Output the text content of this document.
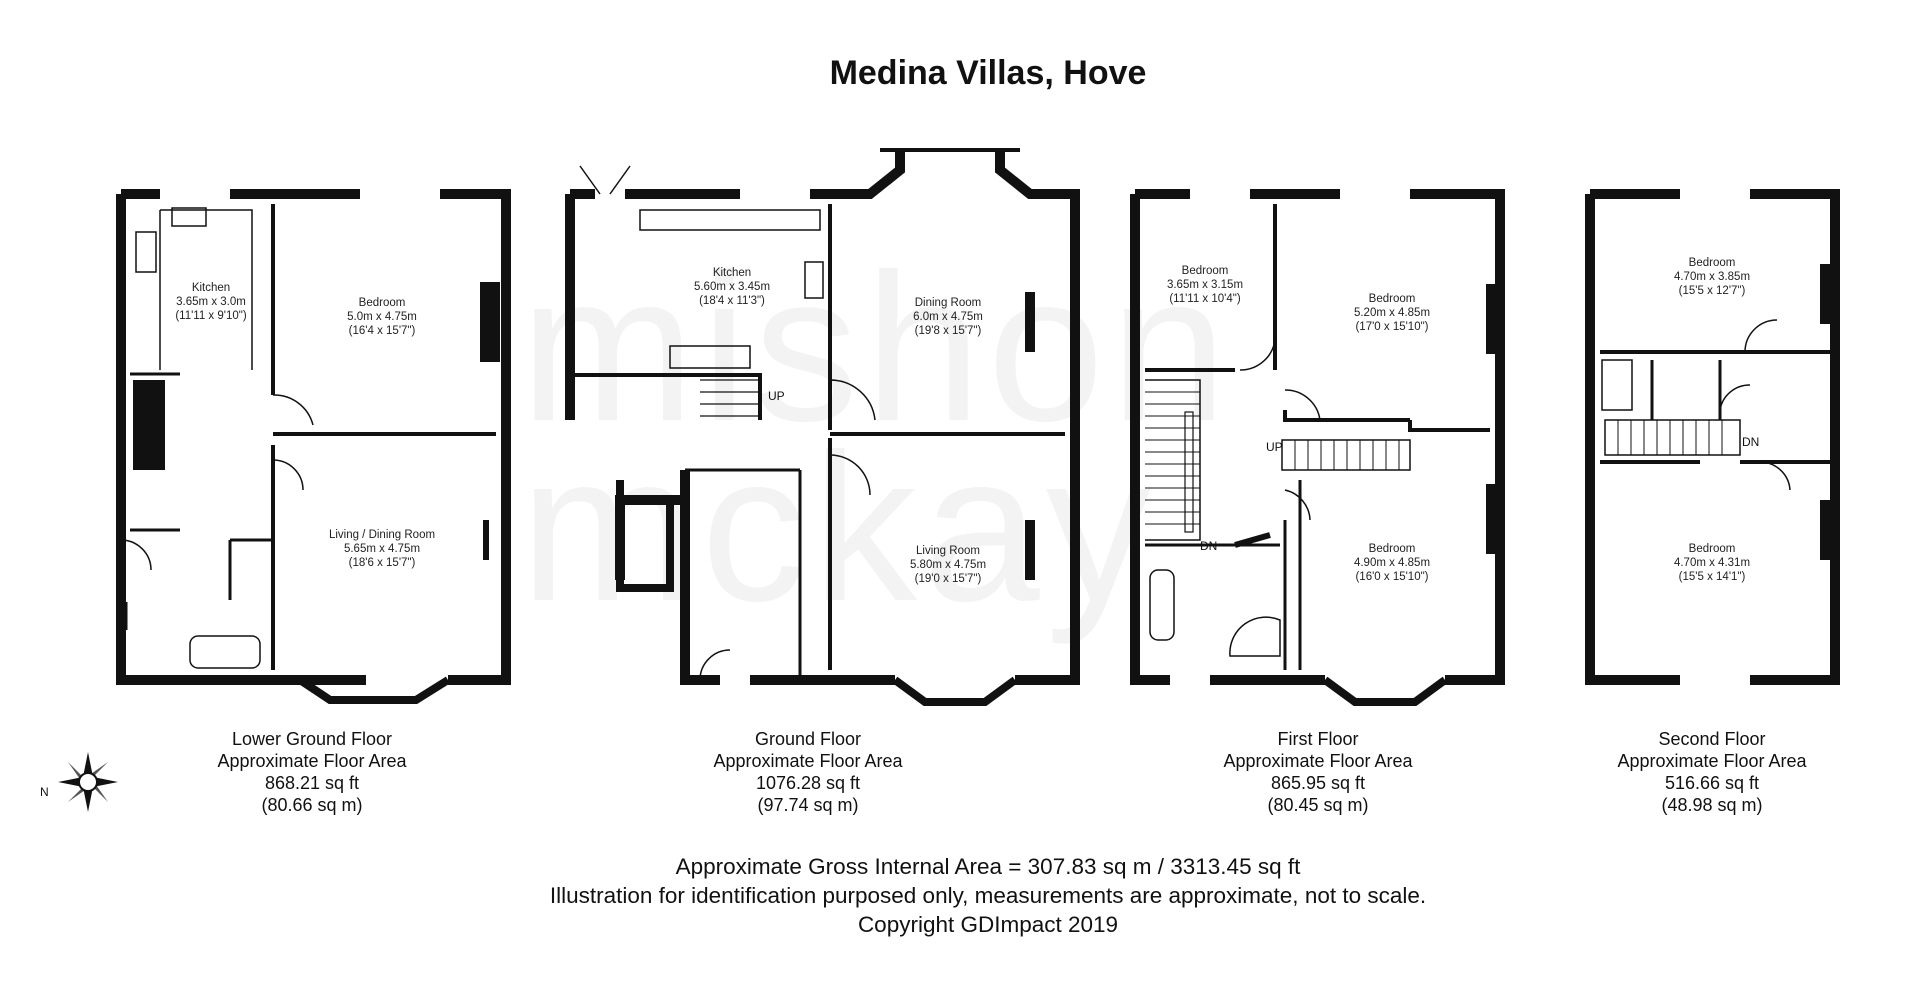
Medina Villas, Hove
Kitchen
3.65m x 3.0m
(11'11 x 9'10")
Bedroom
5.0m x 4.75m
(16'4 x 15'7")
Living / Dining Room
5.65m x 4.75m
(18'6 x 15'7")
UP
Kitchen
5.60m x 3.45m
(18'4 x 11'3")	Dining Room
6.0m x 4.75m
(19'8 x 15'7")
Living Room
5.80m x 4.75m
(19'0 x 15'7")
UP
DN
Bedroom
3.65m x 3.15m
(11'11 x 10'4")	Bedroom
5.20m x 4.85m
(17'0 x 15'10")
Bedroom
4.90m x 4.85m
(16'0 x 15'10")
DN
Bedroom
4.70m x 3.85m
(15'5 x 12'7")
Bedroom
4.70m x 4.31m
(15'5 x 14'1")
N
Lower Ground Floor
Approximate Floor Area
868.21 sq ft
(80.66 sq m)
Ground Floor
Approximate Floor Area
1076.28 sq ft
(97.74 sq m)
First Floor
Approximate Floor Area
865.95 sq ft
(80.45 sq m)
Second Floor
Approximate Floor Area
516.66 sq ft
(48.98 sq m)
Approximate Gross Internal Area = 307.83 sq m / 3313.45 sq ft
Illustration for identification purposed only, measurements are approximate, not to scale.
Copyright GDImpact 2019
